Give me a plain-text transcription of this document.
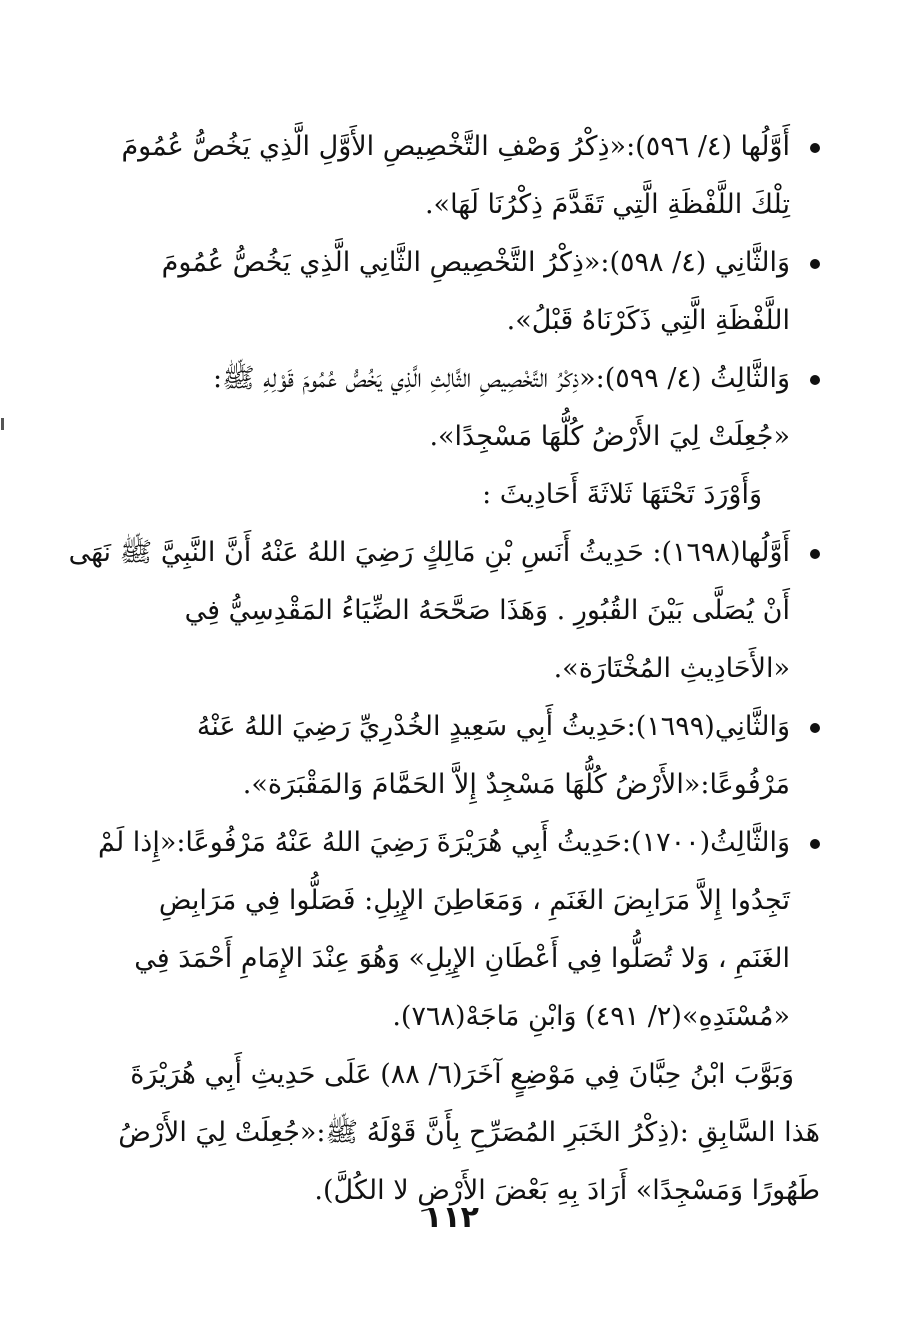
أَوَّلُها (٤/ ٥٩٦):«ذِكْرُ وَصْفِ التَّخْصِيصِ الأَوَّلِ الَّذِي يَخُصُّ عُمُومَ
تِلْكَ اللَّفْظَةِ الَّتِي تَقَدَّمَ ذِكْرُنَا لَهَا».
وَالثَّانِي (٤/ ٥٩٨):«ذِكْرُ التَّخْصِيصِ الثَّانِي الَّذِي يَخُصُّ عُمُومَ
اللَّفْظَةِ الَّتِي ذَكَرْنَاهُ قَبْلُ».
وَالثَّالِثُ (٤/ ٥٩٩):«ذِكْرُ التَّخْصِيصِ الثَّالِثِ الَّذِي يَخُصُّ عُمُومَ قَوْلِهِ ﷺ:
«جُعِلَتْ لِيَ الأَرْضُ كُلُّهَا مَسْجِدًا».

وَأَوْرَدَ تَحْتَهَا ثَلاثَةَ أَحَادِيثَ :

أَوَّلُها(١٦٩٨): حَدِيثُ أَنَسِ بْنِ مَالِكٍ رَضِيَ اللهُ عَنْهُ أَنَّ النَّبِيَّ ﷺ نَهَى
أَنْ يُصَلَّى بَيْنَ القُبُورِ . وَهَذَا صَحَّحَهُ الضِّيَاءُ المَقْدِسِيُّ فِي
«الأَحَادِيثِ المُخْتَارَة».
وَالثَّانِي(١٦٩٩):حَدِيثُ أَبِي سَعِيدٍ الخُدْرِيِّ رَضِيَ اللهُ عَنْهُ
مَرْفُوعًا:«الأَرْضُ كُلُّهَا مَسْجِدٌ إِلاَّ الحَمَّامَ وَالمَقْبَرَة».
وَالثَّالِثُ(١٧٠٠):حَدِيثُ أَبِي هُرَيْرَةَ رَضِيَ اللهُ عَنْهُ مَرْفُوعًا:«إِذا لَمْ
تَجِدُوا إِلاَّ مَرَابِضَ الغَنَمِ ، وَمَعَاطِنَ الإِبِلِ: فَصَلُّوا فِي مَرَابِضِ
الغَنَمِ ، وَلا تُصَلُّوا فِي أَعْطَانِ الإِبِلِ» وَهُوَ عِنْدَ الإِمَامِ أَحْمَدَ فِي
«مُسْنَدِهِ»(٢/ ٤٩١) وَابْنِ مَاجَهْ(٧٦٨).
وَبَوَّبَ ابْنُ حِبَّانَ فِي مَوْضِعٍ آخَرَ(٦/ ٨٨) عَلَى حَدِيثِ أَبِي هُرَيْرَةَ
هَذا السَّابِقِ :(ذِكْرُ الخَبَرِ المُصَرِّحِ بِأَنَّ قَوْلَهُ ﷺ:«جُعِلَتْ لِيَ الأَرْضُ
طَهُورًا وَمَسْجِدًا» أَرَادَ بِهِ بَعْضَ الأَرْضِ لا الكُلَّ).
١١٢
